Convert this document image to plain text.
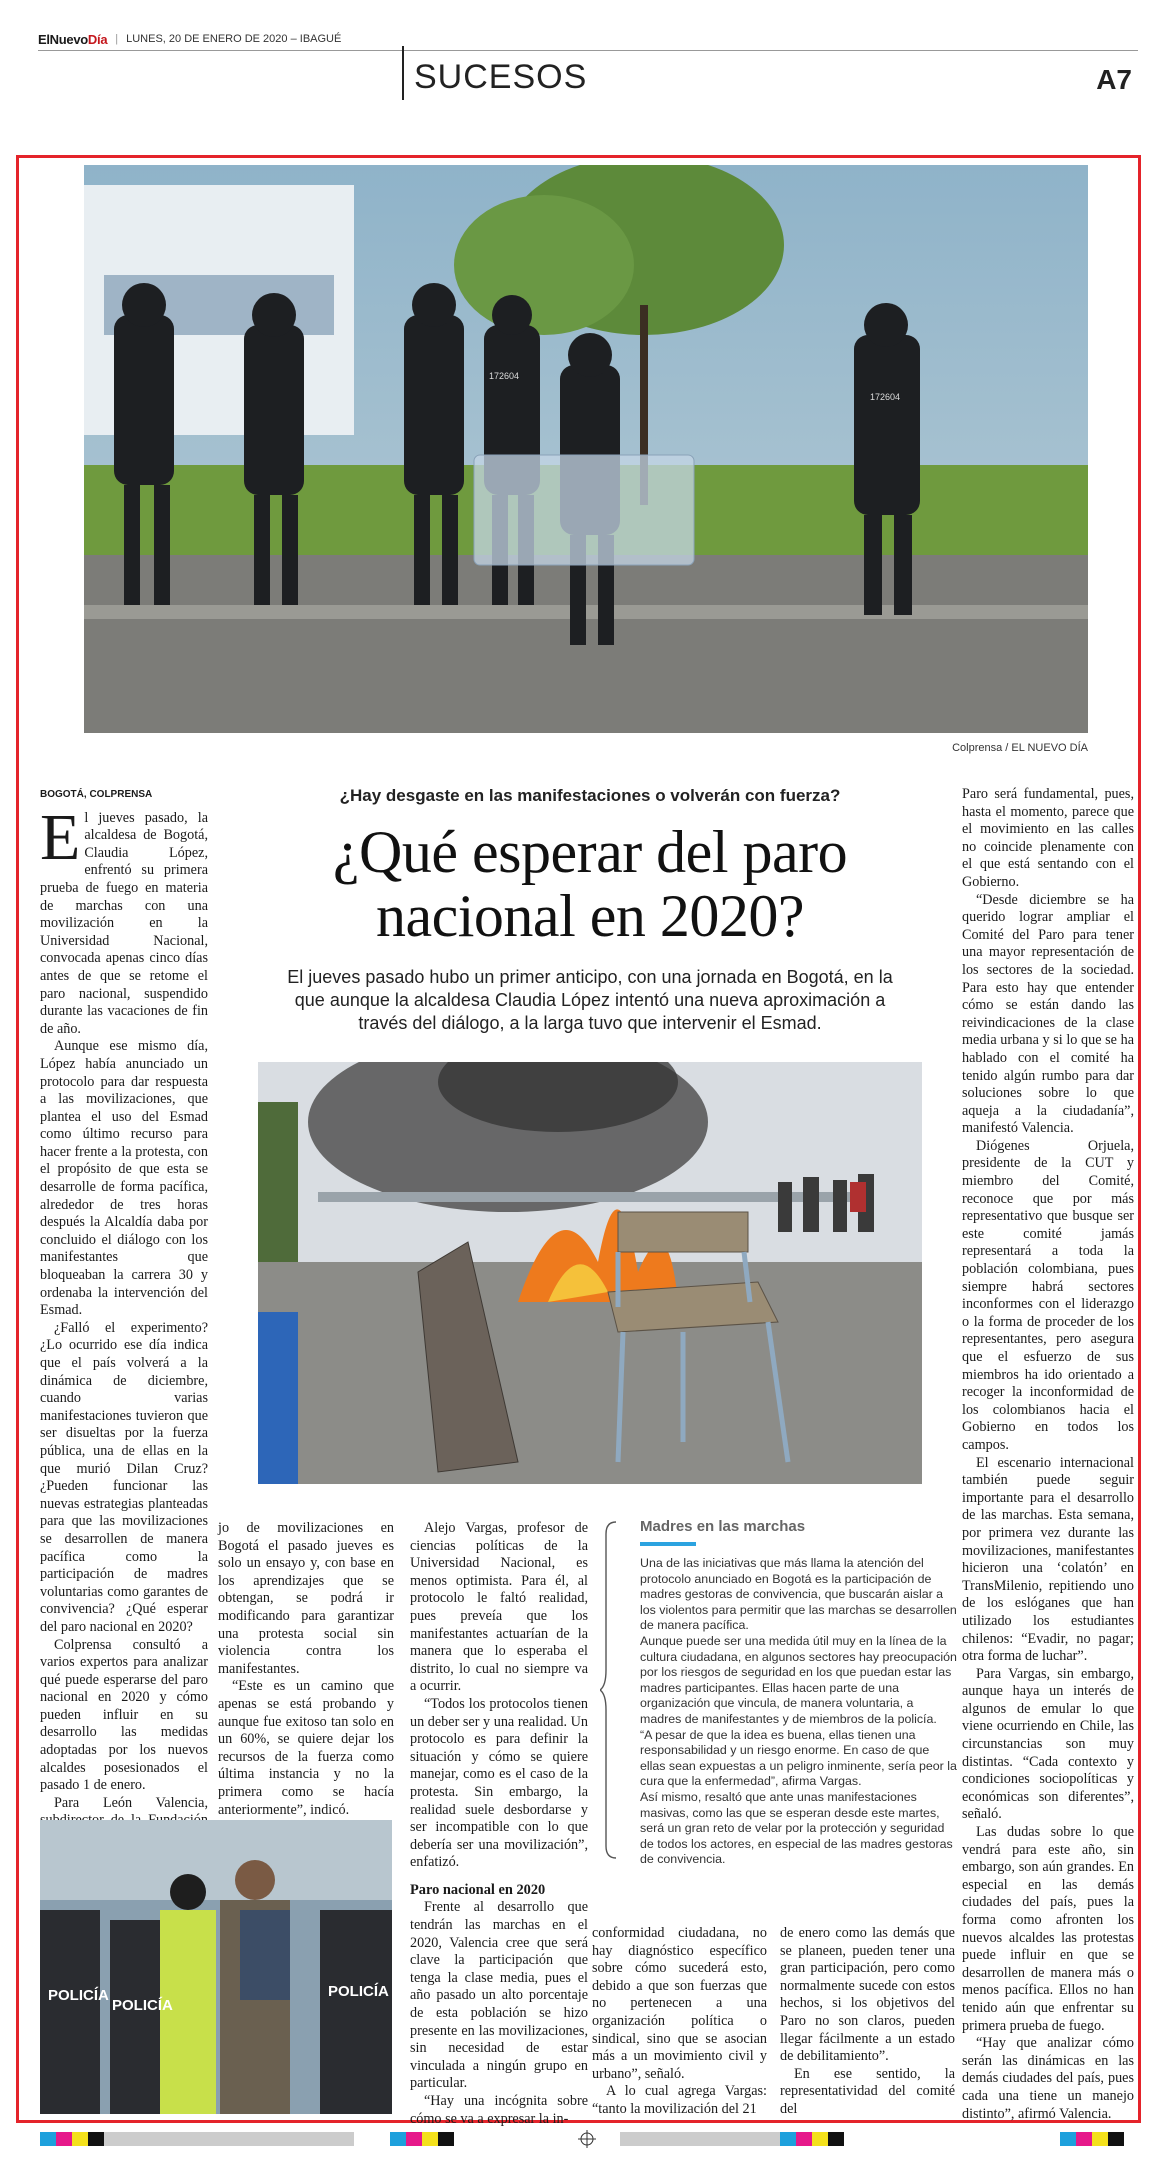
ElNuevoDía | LUNES, 20 DE ENERO DE 2020 – IBAGUÉ
SUCESOS	A7
172604
172604
Colprensa / EL NUEVO DÍA

BOGOTÁ, COLPRENSA

El jueves pasado, la alcaldesa de Bogotá, Claudia López, enfrentó su primera prueba de fuego en materia de marchas con una movilización en la Universidad Nacional, convocada apenas cinco días antes de que se retome el paro nacional, suspendido durante las vacaciones de fin de año.

Aunque ese mismo día, López había anunciado un protocolo para dar respuesta a las movilizaciones, que plantea el uso del Esmad como último recurso para hacer frente a la protesta, con el propósito de que esta se desarrolle de forma pacífica, alrededor de tres horas después la Alcaldía daba por concluido el diálogo con los manifestantes que bloqueaban la carrera 30 y ordenaba la intervención del Esmad.

¿Falló el experimento? ¿Lo ocurrido ese día indica que el país volverá a la dinámica de diciembre, cuando varias manifestaciones tuvieron que ser disueltas por la fuerza pública, una de ellas en la que murió Dilan Cruz? ¿Pueden funcionar las nuevas estrategias planteadas para que las movilizaciones se desarrollen de manera pacífica como la participación de madres voluntarias como garantes de convivencia? ¿Qué esperar del paro nacional en 2020?

Colprensa consultó a varios expertos para analizar qué puede esperarse del paro nacional en 2020 y cómo pueden influir en su desarrollo las medidas adoptadas por los nuevos alcaldes posesionados el pasado 1 de enero.

Para León Valencia,

¿Hay desgaste en las manifestaciones o volverán con fuerza?
¿Qué esperar del paro
nacional en 2020?
El jueves pasado hubo un primer anticipo, con una jornada en Bogotá, en la que aunque la alcaldesa Claudia López intentó una nueva aproximación a través del diálogo, a la larga tuvo que intervenir el Esmad.

jo de movilizaciones en Bogotá el pasado jueves es solo un ensayo y, con base en los aprendizajes que se obtengan, se podrá ir modificando para garantizar una protesta social sin violencia contra los manifestantes.

“Este es un camino que apenas se está probando y aunque fue exitoso tan solo en un 60%, se quiere dejar los recursos de la fuerza como última instancia y no la primera como se hacía anteriormente”, indicó.

Alejo Vargas, profesor de ciencias políticas de la Universidad Nacional, es menos optimista. Para él, al protocolo le faltó realidad, pues preveía que los manifestantes actuarían de la manera que lo esperaba el distrito, lo cual no siempre va a ocurrir.

“Todos los protocolos tienen un deber ser y una realidad. Un protocolo es para definir la situación y cómo se quiere manejar, como es el caso de la protesta. Sin embargo, la realidad suele desbordarse y ser incompatible con lo que debería ser una movilización”, enfatizó.

Paro nacional en 2020

Frente al desarrollo que tendrán las marchas en el 2020, Valencia cree que será clave la participación que tenga la clase media, pues el año pasado un alto porcentaje de esta población se hizo presente en las movilizaciones, sin necesidad de estar vinculada a ningún grupo en particular.

“Hay una incógnita sobre cómo se va a expresar la in-

Madres en las marchas

Una de las iniciativas que más llama la atención del protocolo anunciado en Bogotá es la participación de madres gestoras de convivencia, que buscarán aislar a los violentos para permitir que las marchas se desarrollen de manera pacífica.

Aunque puede ser una medida útil muy en la línea de la cultura ciudadana, en algunos sectores hay preocupación por los riesgos de seguridad en los que puedan estar las madres participantes. Ellas hacen parte de una organización que vincula, de manera voluntaria, a madres de manifestantes y de miembros de la policía.

“A pesar de que la idea es buena, ellas tienen una responsabilidad y un riesgo enorme. En caso de que ellas sean expuestas a un peligro inminente, sería peor la cura que la enfermedad”, afirma Vargas.

Así mismo, resaltó que ante unas manifestaciones masivas, como las que se esperan desde este martes, será un gran reto de velar por la protección y seguridad de todos los actores, en especial de las madres gestoras de convivencia.

POLICÍA
POLICÍA
POLICÍA

conformidad ciudadana, no hay diagnóstico específico sobre cómo sucederá esto, debido a que son fuerzas que no pertenecen a una organización política o sindical, sino que se asocian más a un movimiento civil y urbano”, señaló.

A lo cual agrega Vargas: “tanto la movilización del 21

de enero como las demás que se planeen, pueden tener una gran participación, pero como normalmente sucede con estos hechos, si los objetivos del Paro no son claros, pueden llegar fácilmente a un estado de debilitamiento”.

En ese sentido, la representatividad del comité del

Paro será fundamental, pues, hasta el momento, parece que el movimiento en las calles no coincide plenamente con el que está sentando con el Gobierno.

“Desde diciembre se ha querido lograr ampliar el Comité del Paro para tener una mayor representación de los sectores de la sociedad. Para esto hay que entender cómo se están dando las reivindicaciones de la clase media urbana y si lo que se ha hablado con el comité ha tenido algún rumbo para dar soluciones sobre lo que aqueja a la ciudadanía”, manifestó Valencia.

Diógenes Orjuela, presidente de la CUT y miembro del Comité, reconoce que por más representativo que busque ser este comité jamás representará a toda la población colombiana, pues siempre habrá sectores inconformes con el liderazgo o la forma de proceder de los representantes, pero asegura que el esfuerzo de sus miembros ha ido orientado a recoger la inconformidad de los colombianos hacia el Gobierno en todos los campos.

El escenario internacional también puede seguir importante para el desarrollo de las marchas. Esta semana, por primera vez durante las movilizaciones, manifestantes hicieron una ‘colatón’ en TransMilenio, repitiendo uno de los eslóganes que han utilizado los estudiantes chilenos: “Evadir, no pagar; otra forma de luchar”.

Para Vargas, sin embargo, aunque haya un interés de algunos de emular lo que viene ocurriendo en Chile, las circunstancias son muy distintas. “Cada contexto y condiciones sociopolíticas y económicas son diferentes”, señaló.

Las dudas sobre lo que vendrá para este año, sin embargo, son aún grandes. En especial en las demás ciudades del país, pues la forma como afronten los nuevos alcaldes las protestas puede influir en que se desarrollen de manera más o menos pacífica. Ellos no han tenido aún que enfrentar su primera prueba de fuego.

“Hay que analizar cómo serán las dinámicas en las demás ciudades del país, pues cada una tiene un manejo distinto”, afirmó Valencia.
